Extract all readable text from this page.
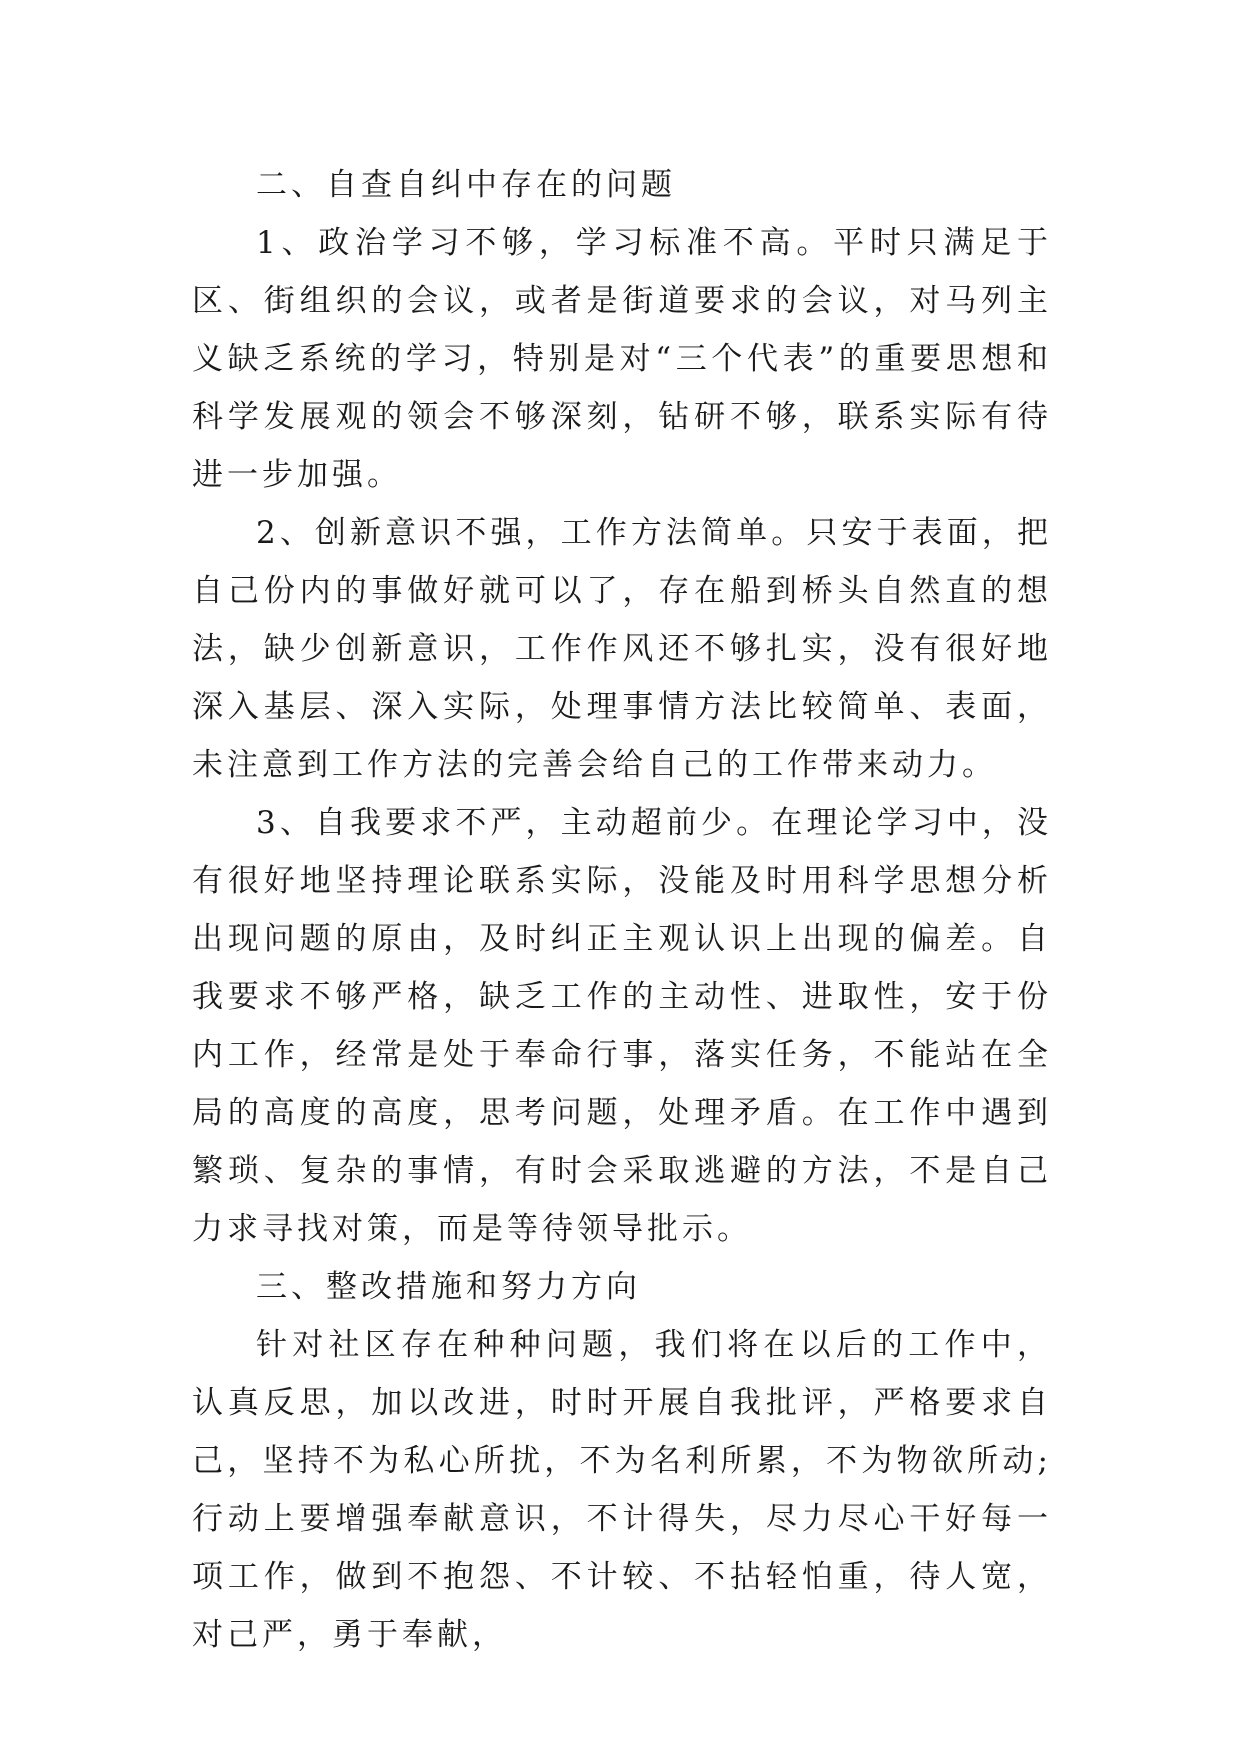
二、自查自纠中存在的问题

1、政治学习不够，学习标准不高。平时只满足于区、街组织的会议，或者是街道要求的会议，对马列主义缺乏系统的学习，特别是对“三个代表”的重要思想和科学发展观的领会不够深刻，钻研不够，联系实际有待进一步加强。

2、创新意识不强，工作方法简单。只安于表面，把自己份内的事做好就可以了，存在船到桥头自然直的想法，缺少创新意识，工作作风还不够扎实，没有很好地深入基层、深入实际，处理事情方法比较简单、表面，未注意到工作方法的完善会给自己的工作带来动力。

3、自我要求不严，主动超前少。在理论学习中，没有很好地坚持理论联系实际，没能及时用科学思想分析出现问题的原由，及时纠正主观认识上出现的偏差。自我要求不够严格，缺乏工作的主动性、进取性，安于份内工作，经常是处于奉命行事，落实任务，不能站在全局的高度的高度，思考问题，处理矛盾。在工作中遇到繁琐、复杂的事情，有时会采取逃避的方法，不是自己力求寻找对策，而是等待领导批示。

三、整改措施和努力方向

针对社区存在种种问题，我们将在以后的工作中，认真反思，加以改进，时时开展自我批评，严格要求自己，坚持不为私心所扰，不为名利所累，不为物欲所动;行动上要增强奉献意识，不计得失，尽力尽心干好每一项工作，做到不抱怨、不计较、不拈轻怕重，待人宽，对己严，勇于奉献，
